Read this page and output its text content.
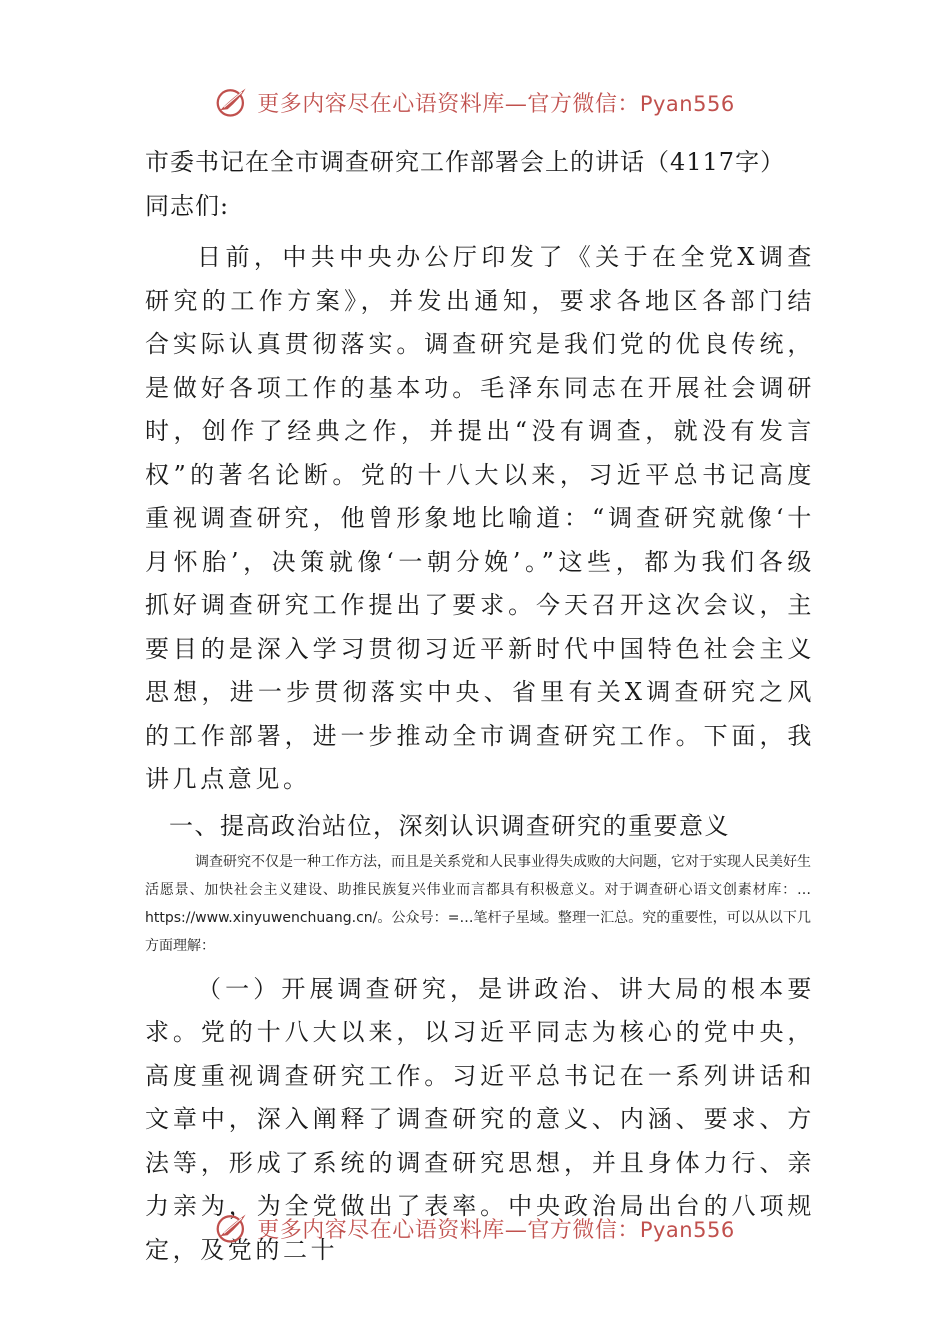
更多内容尽在心语资料库—官方微信：Pyan556
市委书记在全市调查研究工作部署会上的讲话（4117字）
同志们:

日前，中共中央办公厅印发了《关于在全党X调查研究的工作方案》，并发出通知，要求各地区各部门结合实际认真贯彻落实。调查研究是我们党的优良传统，是做好各项工作的基本功。毛泽东同志在开展社会调研时，创作了经典之作，并提出“没有调查，就没有发言权”的著名论断。党的十八大以来，习近平总书记高度重视调查研究，他曾形象地比喻道：“调查研究就像‘十月怀胎’，决策就像‘一朝分娩’。”这些，都为我们各级抓好调查研究工作提出了要求。今天召开这次会议，主要目的是深入学习贯彻习近平新时代中国特色社会主义思想，进一步贯彻落实中央、省里有关X调查研究之风的工作部署，进一步推动全市调查研究工作。下面，我讲几点意见。

一、提高政治站位，深刻认识调查研究的重要意义

调查研究不仅是一种工作方法，而且是关系党和人民事业得失成败的大问题，它对于实现人民美好生活愿景、加快社会主义建设、助推民族复兴伟业而言都具有积极意义。对于调查研心语文创素材库：…https://www.xinyuwenchuang.cn/。公众号：=…笔杆子星域。整理一汇总。究的重要性，可以从以下几方面理解：

（一）开展调查研究，是讲政治、讲大局的根本要求。党的十八大以来，以习近平同志为核心的党中央，高度重视调查研究工作。习近平总书记在一系列讲话和文章中，深入阐释了调查研究的意义、内涵、要求、方法等，形成了系统的调查研究思想，并且身体力行、亲力亲为，为全党做出了表率。中央政治局出台的八项规定，及党的二十

更多内容尽在心语资料库—官方微信：Pyan556
